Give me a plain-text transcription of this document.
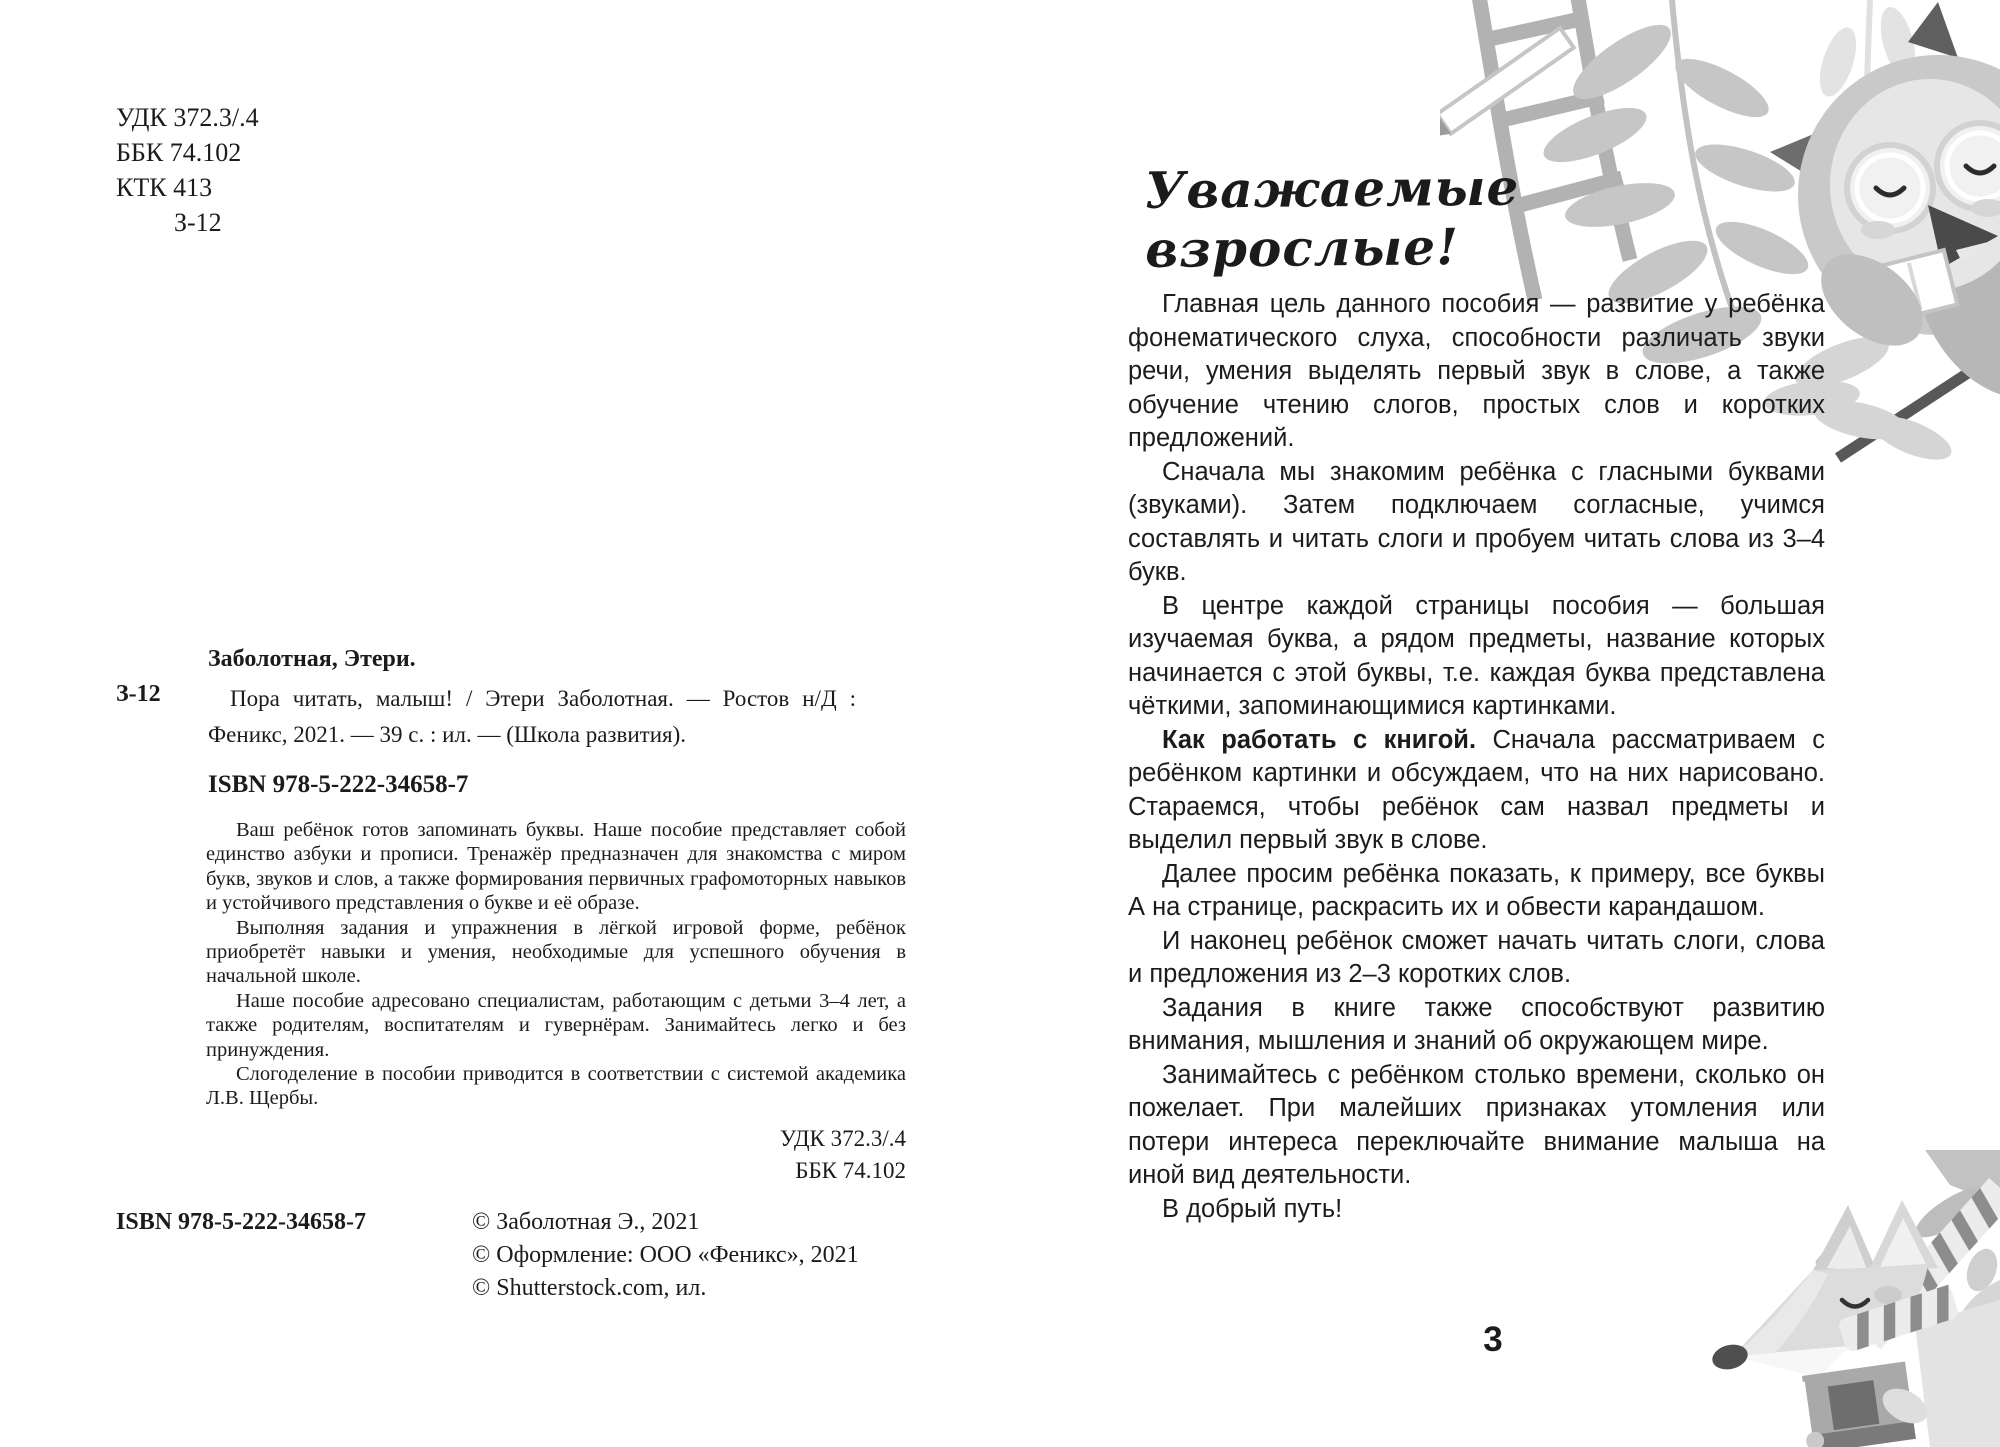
УДК 372.3/.4
ББК 74.102
КТК 413
З-12
Заболотная, Этери.
З-12	Пора читать, малыш! / Этери Заболотная. — Ростов н/Д : Феникс, 2021. — 39 с. : ил. — (Школа развития).

ISBN 978-5-222-34658-7

Ваш ребёнок готов запоминать буквы. Наше пособие представляет собой единство азбуки и прописи. Тренажёр предназначен для знакомства с миром букв, звуков и слов, а также формирования первичных графомоторных навыков и устойчивого представления о букве и её образе.

Выполняя задания и упражнения в лёгкой игровой форме, ребёнок приобретёт навыки и умения, необходимые для успешного обучения в начальной школе.

Наше пособие адресовано специалистам, работающим с детьми 3–4 лет, а также родителям, воспитателям и гувернёрам. Занимайтесь легко и без принуждения.

Слогоделение в пособии приводится в соответствии с системой академика Л.В. Щербы.

УДК 372.3/.4
ББК 74.102
ISBN 978-5-222-34658-7	© Заболотная Э., 2021
© Оформление: ООО «Феникс», 2021
© Shutterstock.com, ил.
Уважаемые взрослые!

Главная цель данного пособия — развитие у ребёнка фонематического слуха, способности различать звуки речи, умения выделять первый звук в слове, а также обучение чтению слогов, простых слов и коротких предложений.

Сначала мы знакомим ребёнка с гласными буквами (звуками). Затем подключаем согласные, учимся составлять и читать слоги и пробуем читать слова из 3–4 букв.

В центре каждой страницы пособия — большая изучаемая буква, а рядом предметы, название которых начинается с этой буквы, т.е. каждая буква представлена чёткими, запоминающимися картинками.

Как работать с книгой. Сначала рассматриваем с ребёнком картинки и обсуждаем, что на них нарисовано. Стараемся, чтобы ребёнок сам назвал предметы и выделил первый звук в слове.

Далее просим ребёнка показать, к примеру, все буквы А на странице, раскрасить их и обвести карандашом.

И наконец ребёнок сможет начать читать слоги, слова и предложения из 2–3 коротких слов.

Задания в книге также способствуют развитию внимания, мышления и знаний об окружающем мире.

Занимайтесь с ребёнком столько времени, сколько он пожелает. При малейших признаках утомления или потери интереса переключайте внимание малыша на иной вид деятельности.

В добрый путь!

3
